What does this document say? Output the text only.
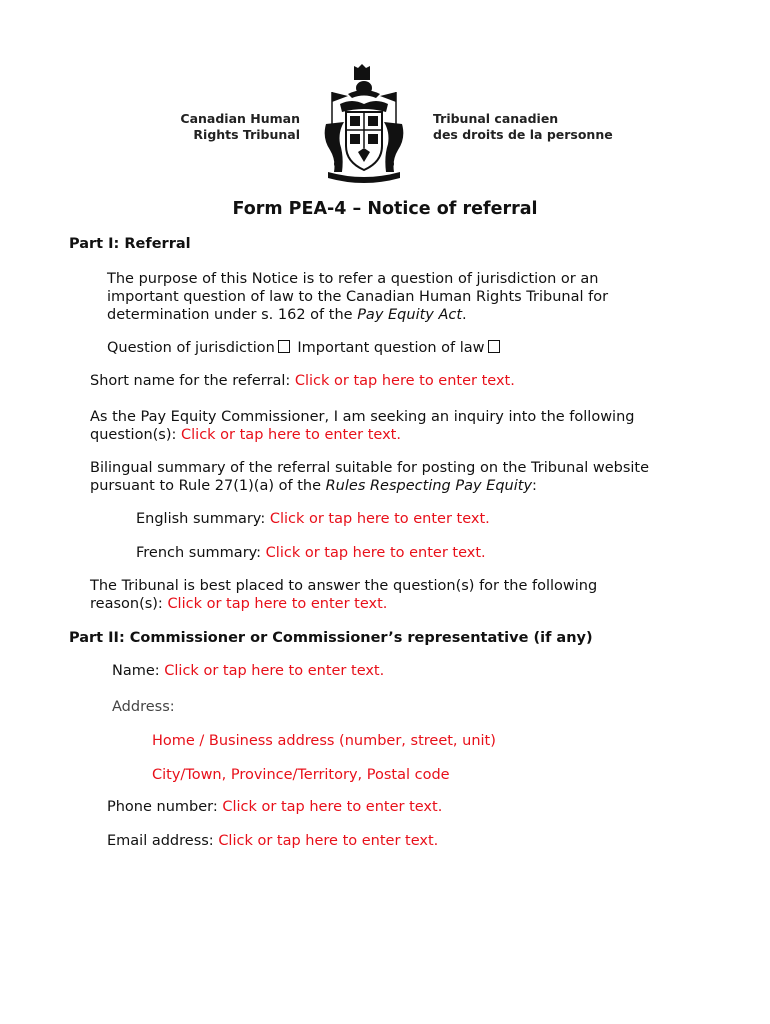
Canadian Human
Rights Tribunal
Tribunal canadien
des droits de la personne
Form PEA-4 – Notice of referral
Part I: Referral
The purpose of this Notice is to refer a question of jurisdiction or an
important question of law to the Canadian Human Rights Tribunal for
determination under s. 162 of the Pay Equity Act.
Question of jurisdiction Important question of law
Short name for the referral: Click or tap here to enter text.
As the Pay Equity Commissioner, I am seeking an inquiry into the following
question(s): Click or tap here to enter text.
Bilingual summary of the referral suitable for posting on the Tribunal website
pursuant to Rule 27(1)(a) of the Rules Respecting Pay Equity:
English summary: Click or tap here to enter text.
French summary: Click or tap here to enter text.
The Tribunal is best placed to answer the question(s) for the following
reason(s): Click or tap here to enter text.
Part II: Commissioner or Commissioner’s representative (if any)
Name: Click or tap here to enter text.
Address:
Home / Business address (number, street, unit)
City/Town, Province/Territory, Postal code
Phone number: Click or tap here to enter text.
Email address: Click or tap here to enter text.
